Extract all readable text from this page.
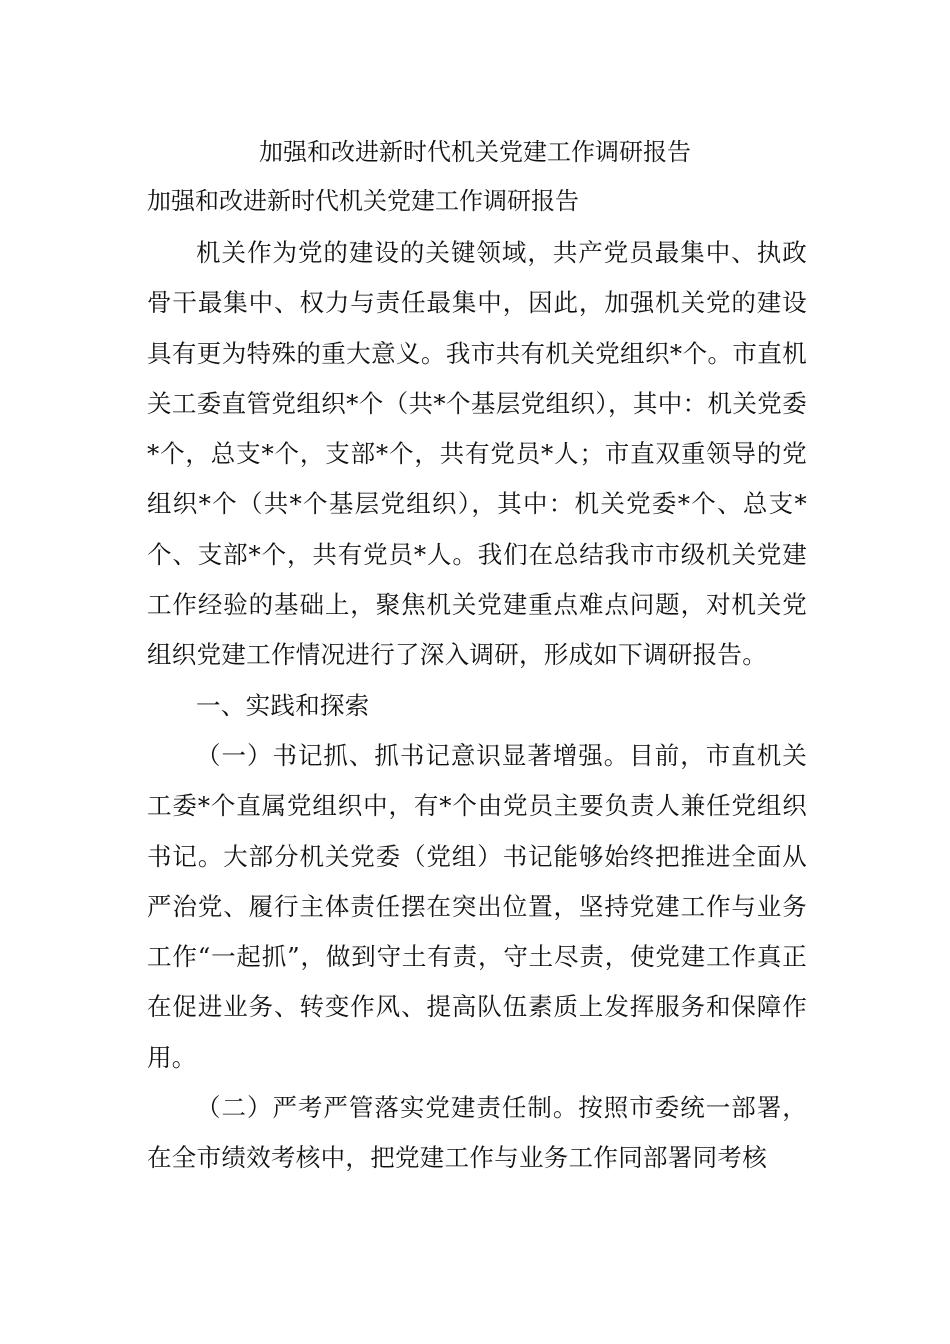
加强和改进新时代机关党建工作调研报告
加强和改进新时代机关党建工作调研报告

机关作为党的建设的关键领域，共产党员最集中、执政骨干最集中、权力与责任最集中，因此，加强机关党的建设具有更为特殊的重大意义。我市共有机关党组织*个。市直机关工委直管党组织*个（共*个基层党组织），其中：机关党委*个，总支*个，支部*个，共有党员*人；市直双重领导的党组织*个（共*个基层党组织），其中：机关党委*个、总支*个、支部*个，共有党员*人。我们在总结我市市级机关党建工作经验的基础上，聚焦机关党建重点难点问题，对机关党组织党建工作情况进行了深入调研，形成如下调研报告。

一、实践和探索

（一）书记抓、抓书记意识显著增强。目前，市直机关工委*个直属党组织中，有*个由党员主要负责人兼任党组织书记。大部分机关党委（党组）书记能够始终把推进全面从严治党、履行主体责任摆在突出位置，坚持党建工作与业务工作“一起抓”，做到守土有责，守土尽责，使党建工作真正在促进业务、转变作风、提高队伍素质上发挥服务和保障作用。

（二）严考严管落实党建责任制。按照市委统一部署，在全市绩效考核中，把党建工作与业务工作同部署同考核
